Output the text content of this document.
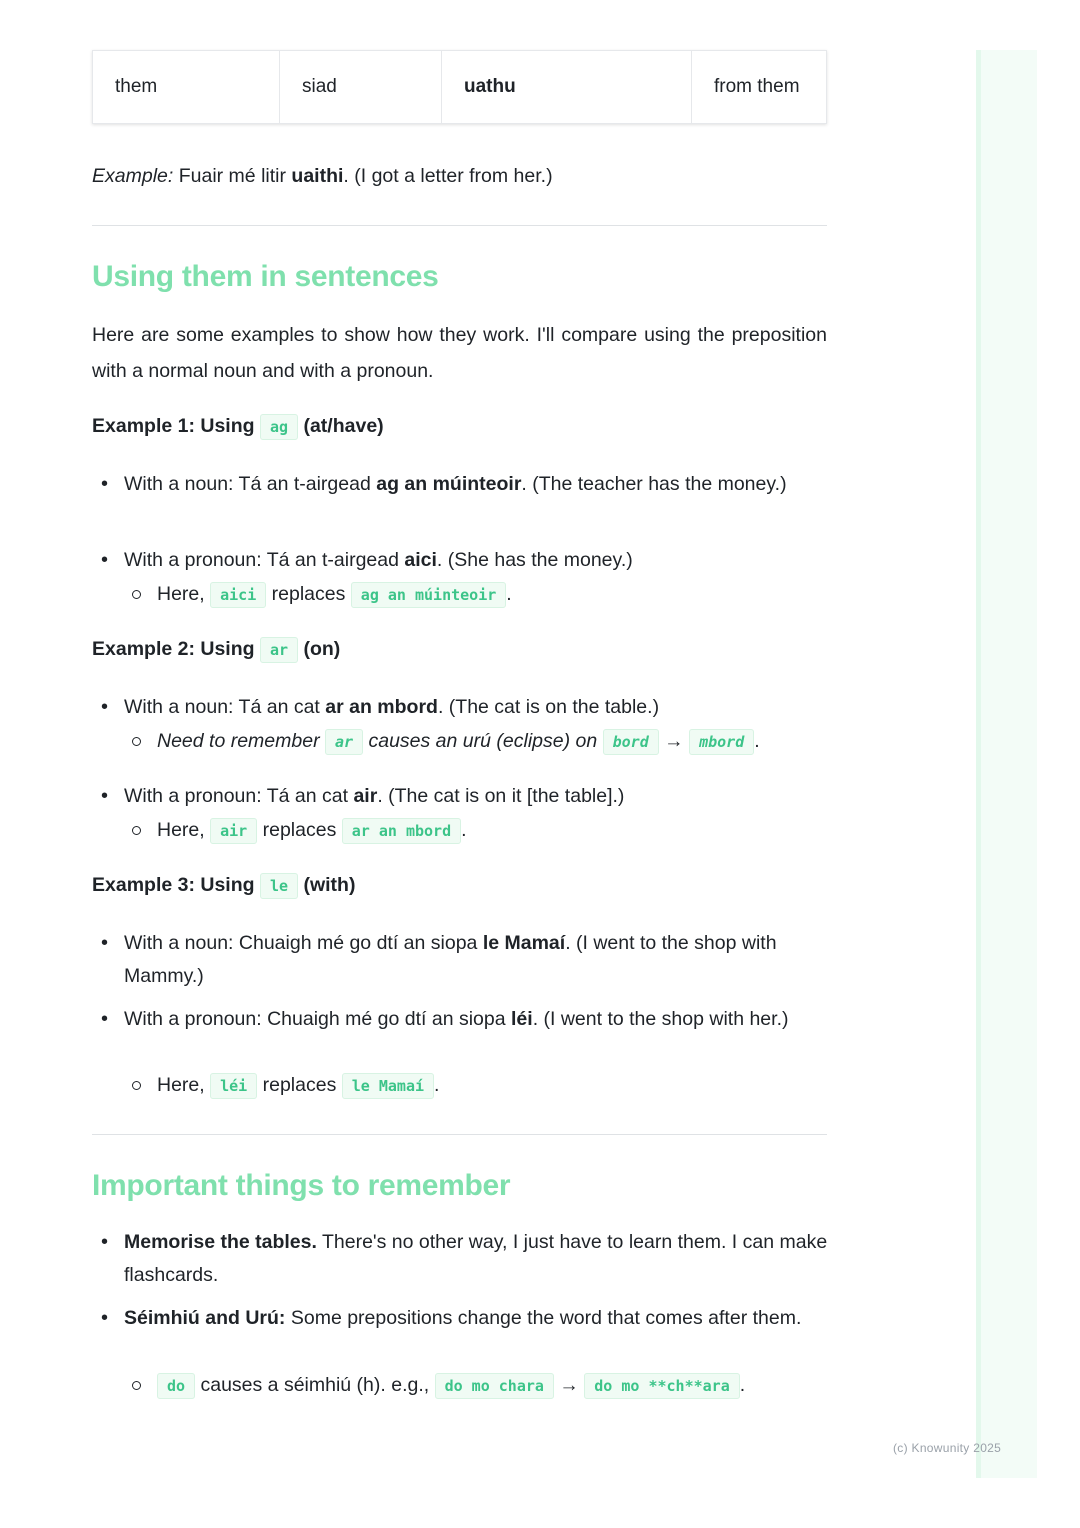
them	siad	uathu	from them
Example: Fuair mé litir uaithi. (I got a letter from her.)
Using them in sentences
Here are some examples to show how they work. I'll compare using the preposition with a normal noun and with a pronoun.
Example 1: Using ag (at/have)
• With a noun: Tá an t-airgead ag an múinteoir. (The teacher has the money.)
• With a pronoun: Tá an t-airgead aici. (She has the money.)
Here, aici replaces ag an múinteoir .
Example 2: Using ar (on)
• With a noun: Tá an cat ar an mbord. (The cat is on the table.)
Need to remember ar causes an urú (eclipse) on bord → mbord .
• With a pronoun: Tá an cat air. (The cat is on it [the table].)
Here, air replaces ar an mbord .
Example 3: Using le (with)
• With a noun: Chuaigh mé go dtí an siopa le Mamaí. (I went to the shop with Mammy.)
• With a pronoun: Chuaigh mé go dtí an siopa léi. (I went to the shop with her.)
Here, léi replaces le Mamaí .
Important things to remember
• Memorise the tables. There's no other way, I just have to learn them. I can make flashcards.
• Séimhiú and Urú: Some prepositions change the word that comes after them.
do causes a séimhiú (h). e.g., do mo chara → do mo **ch**ara .
(c) Knowunity 2025
